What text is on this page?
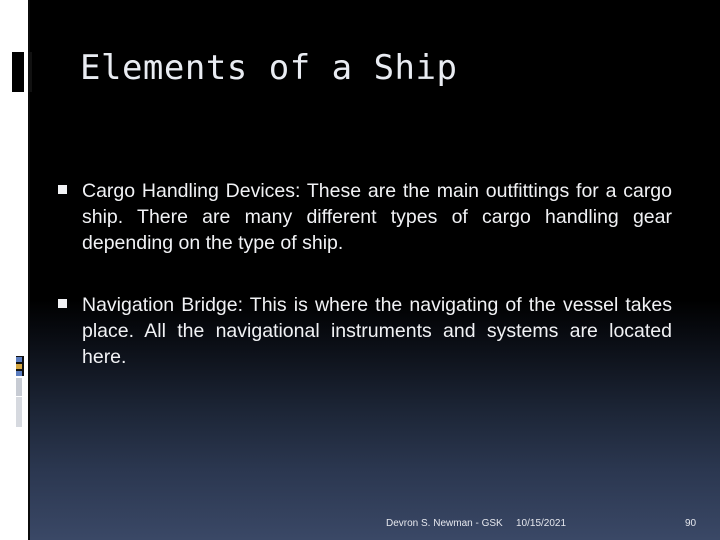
Elements of a Ship
Cargo Handling Devices: These are the main outfittings for a cargo ship. There are many different types of cargo handling gear depending on the type of ship.
Navigation Bridge: This is where the navigating of the vessel takes place. All the navigational instruments and systems are located here.
Devron S. Newman - GSK 10/15/2021	90
